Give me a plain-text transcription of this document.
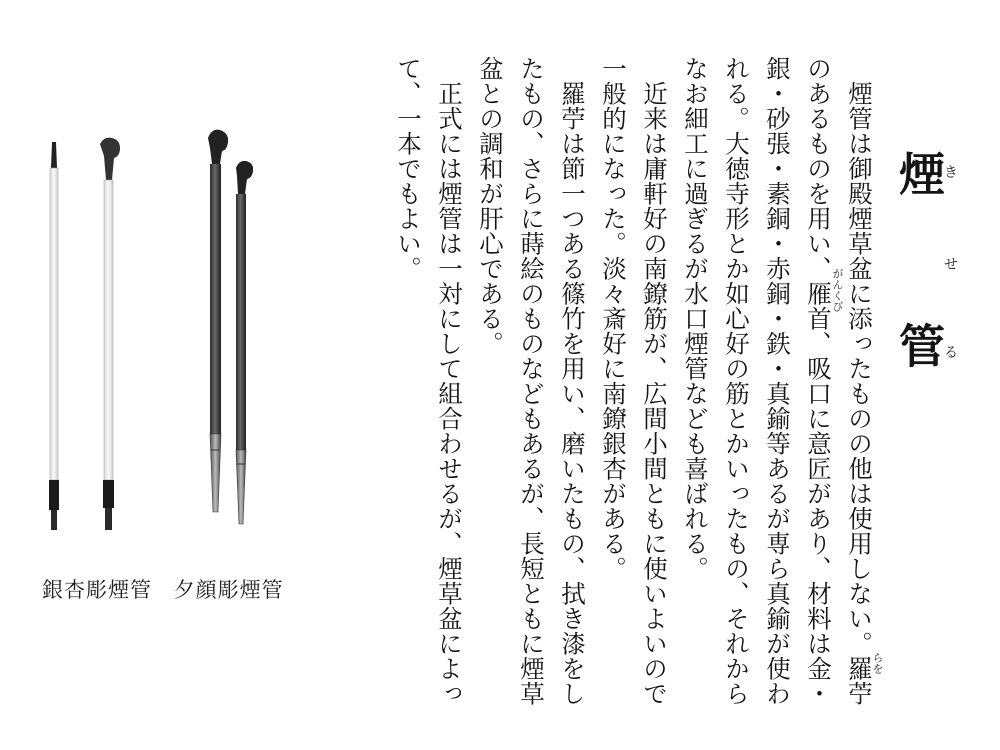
煙 管
き
せ
る

煙管は御殿煙草盆に添ったものの他は使用しない。羅苧のあるものを用い、雁首、吸口に意匠があり、材料は金・銀・砂張・素銅・赤銅・鉄・真鍮等あるが専ら真鍮が使われる。大徳寺形とか如心好の筋とかいったもの、それからなお細工に過ぎるが水口煙管なども喜ばれる。

近来は庸軒好の南鐐筋が、広間小間ともに使いよいので一般的になった。淡々斎好に南鐐銀杏がある。

羅苧は節一つある篠竹を用い、磨いたもの、拭き漆をしたもの、さらに蒔絵のものなどもあるが、長短ともに煙草盆との調和が肝心である。

正式には煙管は一対にして組合わせるが、煙草盆によって、一本でもよい。

らを
がんくび
銀杏彫煙管 夕顔彫煙管
